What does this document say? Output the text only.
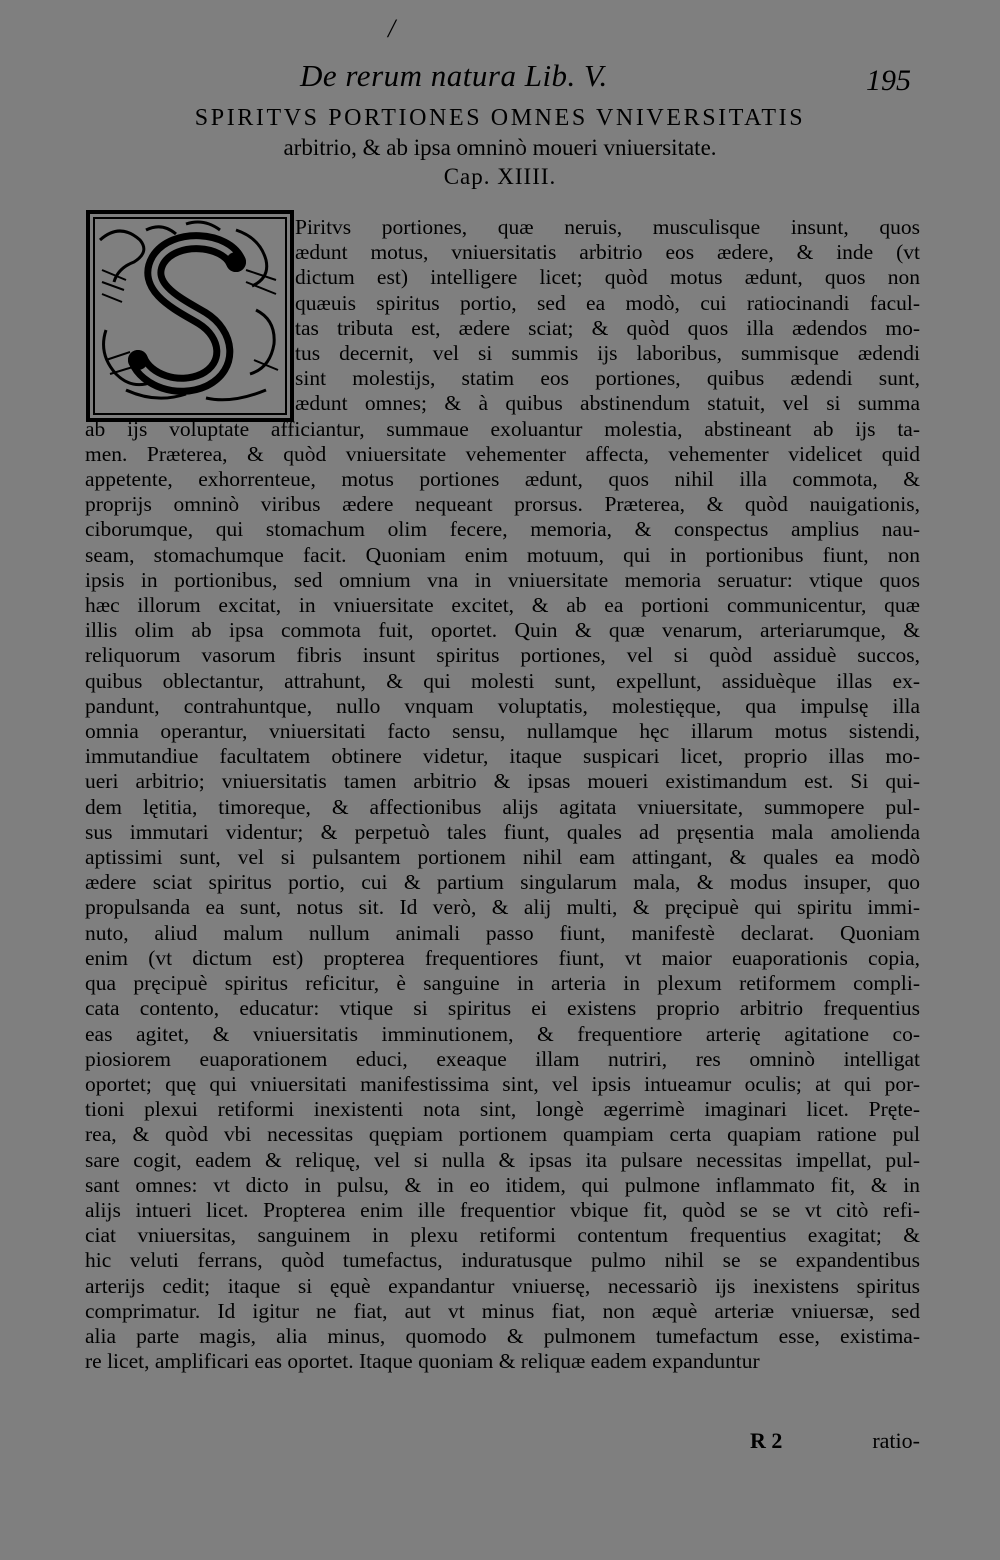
/
De rerum natura Lib. V.	195
SPIRITVS PORTIONES OMNES VNIVERSITATIS
arbitrio, & ab ipsa omninò moueri vniuersitate.
Cap. XIIII.
Piritvs portiones, quæ neruis, musculisque insunt, quos
ædunt motus, vniuersitatis arbitrio eos ædere, & inde (vt
dictum est) intelligere licet; quòd motus ædunt, quos non
quæuis spiritus portio, sed ea modò, cui ratiocinandi facul-
tas tributa est, ædere sciat; & quòd quos illa ædendos mo-
tus decernit, vel si summis ijs laboribus, summisque ædendi
sint molestijs, statim eos portiones, quibus ædendi sunt,
ædunt omnes; & à quibus abstinendum statuit, vel si summa
ab ijs voluptate afficiantur, summaue exoluantur molestia, abstineant ab ijs ta-
men. Præterea, & quòd vniuersitate vehementer affecta, vehementer videlicet quid
appetente, exhorrenteue, motus portiones ædunt, quos nihil illa commota, &
proprijs omninò viribus ædere nequeant prorsus. Præterea, & quòd nauigationis,
ciborumque, qui stomachum olim fecere, memoria, & conspectus amplius nau-
seam, stomachumque facit. Quoniam enim motuum, qui in portionibus fiunt, non
ipsis in portionibus, sed omnium vna in vniuersitate memoria seruatur: vtique quos
hæc illorum excitat, in vniuersitate excitet, & ab ea portioni communicentur, quæ
illis olim ab ipsa commota fuit, oportet. Quin & quæ venarum, arteriarumque, &
reliquorum vasorum fibris insunt spiritus portiones, vel si quòd assiduè succos,
quibus oblectantur, attrahunt, & qui molesti sunt, expellunt, assiduèque illas ex-
pandunt, contrahuntque, nullo vnquam voluptatis, molestięque, qua impulsę illa
omnia operantur, vniuersitati facto sensu, nullamque hęc illarum motus sistendi,
immutandiue facultatem obtinere videtur, itaque suspicari licet, proprio illas mo-
ueri arbitrio; vniuersitatis tamen arbitrio & ipsas moueri existimandum est. Si qui-
dem lętitia, timoreque, & affectionibus alijs agitata vniuersitate, summopere pul-
sus immutari videntur; & perpetuò tales fiunt, quales ad pręsentia mala amolienda
aptissimi sunt, vel si pulsantem portionem nihil eam attingant, & quales ea modò
ædere sciat spiritus portio, cui & partium singularum mala, & modus insuper, quo
propulsanda ea sunt, notus sit. Id verò, & alij multi, & pręcipuè qui spiritu immi-
nuto, aliud malum nullum animali passo fiunt, manifestè declarat. Quoniam
enim (vt dictum est) propterea frequentiores fiunt, vt maior euaporationis copia,
qua pręcipuè spiritus reficitur, è sanguine in arteria in plexum retiformem compli-
cata contento, educatur: vtique si spiritus ei existens proprio arbitrio frequentius
eas agitet, & vniuersitatis imminutionem, & frequentiore arterię agitatione co-
piosiorem euaporationem educi, exeaque illam nutriri, res omninò intelligat
oportet; quę qui vniuersitati manifestissima sint, vel ipsis intueamur oculis; at qui por-
tioni plexui retiformi inexistenti nota sint, longè ægerrimè imaginari licet. Pręte-
rea, & quòd vbi necessitas quępiam portionem quampiam certa quapiam ratione pul
sare cogit, eadem & reliquę, vel si nulla & ipsas ita pulsare necessitas impellat, pul-
sant omnes: vt dicto in pulsu, & in eo itidem, qui pulmone inflammato fit, & in
alijs intueri licet. Propterea enim ille frequentior vbique fit, quòd se se vt citò refi-
ciat vniuersitas, sanguinem in plexu retiformi contentum frequentius exagitat; &
hic veluti ferrans, quòd tumefactus, induratusque pulmo nihil se se expandentibus
arterijs cedit; itaque si ęquè expandantur vniuersę, necessariò ijs inexistens spiritus
comprimatur. Id igitur ne fiat, aut vt minus fiat, non æquè arteriæ vniuersæ, sed
alia parte magis, alia minus, quomodo & pulmonem tumefactum esse, existima-
re licet, amplificari eas oportet. Itaque quoniam & reliquæ eadem expanduntur
R 2	ratio-
